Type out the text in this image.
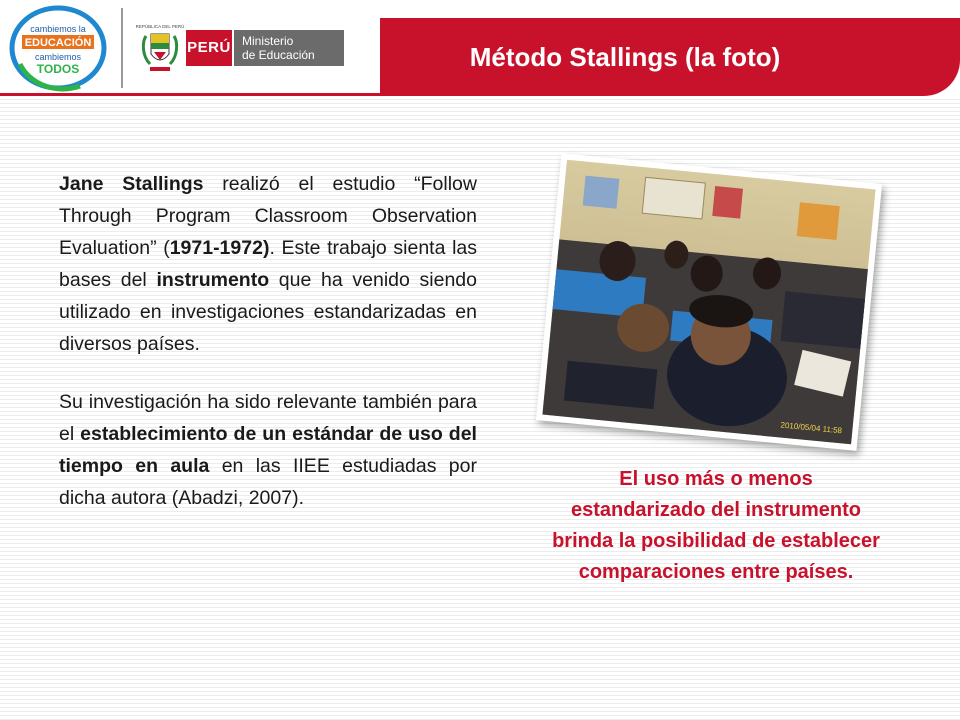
cambiemos la
EDUCACIÓN
cambiemos
TODOS
REPÚBLICA DEL PERÚ
PERÚ Ministerio
de Educación	Método Stallings (la foto)

Jane Stallings realizó el estudio “Follow Through Program Classroom Observation Evaluation” (1971-1972). Este trabajo sienta las bases del instrumento que ha venido siendo utilizado en investigaciones estandarizadas en diversos países.

Su investigación ha sido relevante también para el establecimiento de un estándar de uso del tiempo en aula en las IIEE estudiadas por dicha autora (Abadzi, 2007).

2010/05/04 11:58
El uso más o menos estandarizado del instrumento brinda la posibilidad de establecer comparaciones entre países.
